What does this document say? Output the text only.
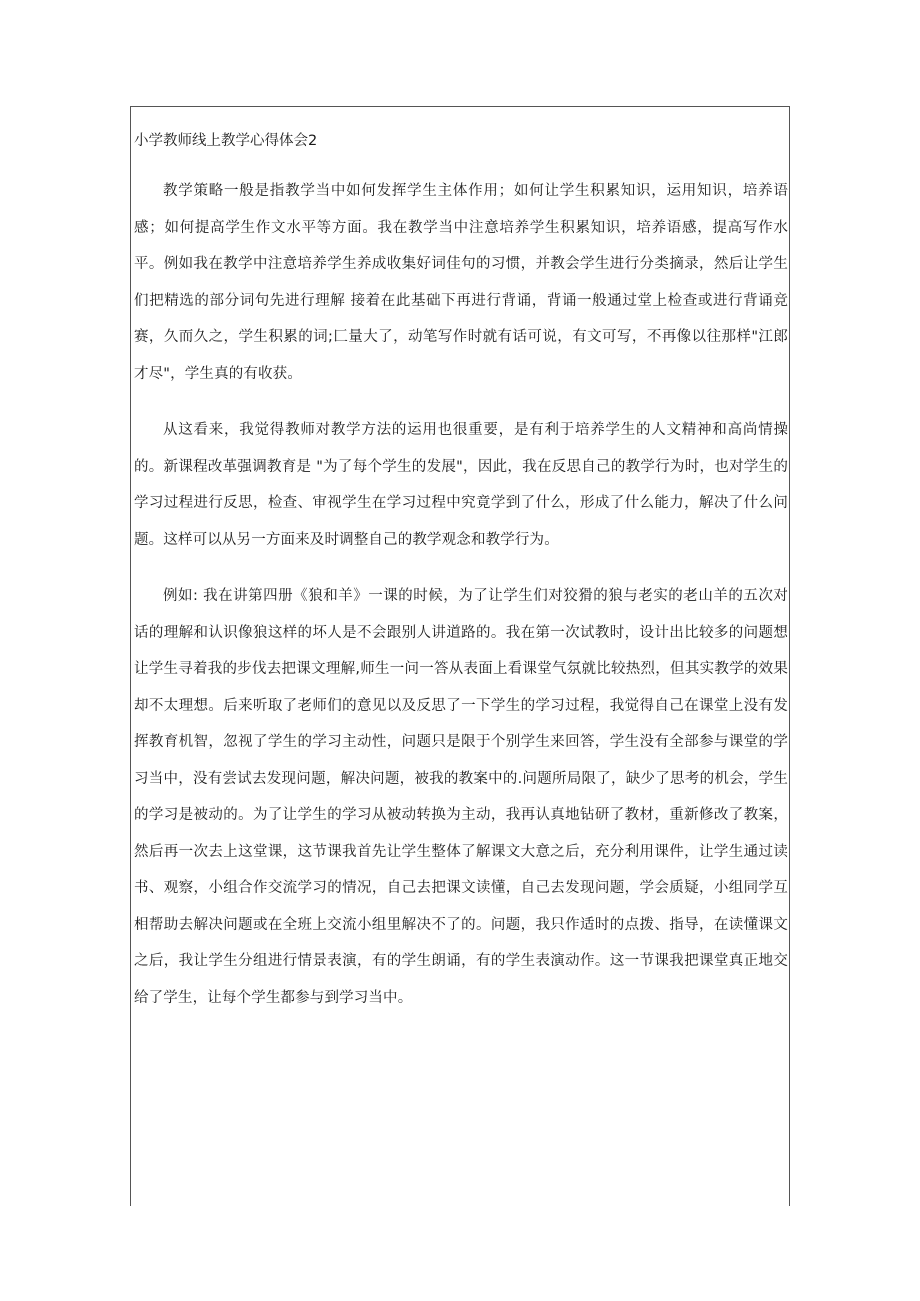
小学教师线上教学心得体会2

教学策略一般是指教学当中如何发挥学生主体作用；如何让学生积累知识，运用知识，培养语感；如何提高学生作文水平等方面。我在教学当中注意培养学生积累知识，培养语感，提高写作水平。例如我在教学中注意培养学生养成收集好词佳句的习惯，并教会学生进行分类摘录，然后让学生们把精选的部分词句先进行理解 接着在此基础下再进行背诵，背诵一般通过堂上检查或进行背诵竞赛，久而久之，学生积累的词;匚量大了，动笔写作时就有话可说，有文可写，不再像以往那样"江郎才尽"，学生真的有收获。

从这看来，我觉得教师对教学方法的运用也很重要，是有利于培养学生的人文精神和高尚情操的。新课程改革强调教育是 "为了每个学生的发展"，因此，我在反思自己的教学行为时，也对学生的学习过程进行反思，检查、审视学生在学习过程中究竟学到了什么，形成了什么能力，解决了什么问题。这样可以从另一方面来及时调整自己的教学观念和教学行为。

例如: 我在讲第四册《狼和羊》一课的时候，为了让学生们对狡猾的狼与老实的老山羊的五次对话的理解和认识像狼这样的坏人是不会跟别人讲道路的。我在第一次试教时，设计出比较多的问题想让学生寻着我的步伐去把课文理解,师生一问一答从表面上看课堂气氛就比较热烈，但其实教学的效果却不太理想。后来听取了老师们的意见以及反思了一下学生的学习过程，我觉得自己在课堂上没有发挥教育机智，忽视了学生的学习主动性，问题只是限于个别学生来回答，学生没有全部参与课堂的学习当中，没有尝试去发现问题，解决问题，被我的教案中的.问题所局限了，缺少了思考的机会，学生的学习是被动的。为了让学生的学习从被动转换为主动，我再认真地钻研了教材，重新修改了教案，然后再一次去上这堂课，这节课我首先让学生整体了解课文大意之后，充分利用课件，让学生通过读书、观察，小组合作交流学习的情况，自己去把课文读懂，自己去发现问题，学会质疑，小组同学互相帮助去解决问题或在全班上交流小组里解决不了的。问题，我只作适时的点拨、指导，在读懂课文之后，我让学生分组进行情景表演，有的学生朗诵，有的学生表演动作。这一节课我把课堂真正地交给了学生，让每个学生都参与到学习当中。
